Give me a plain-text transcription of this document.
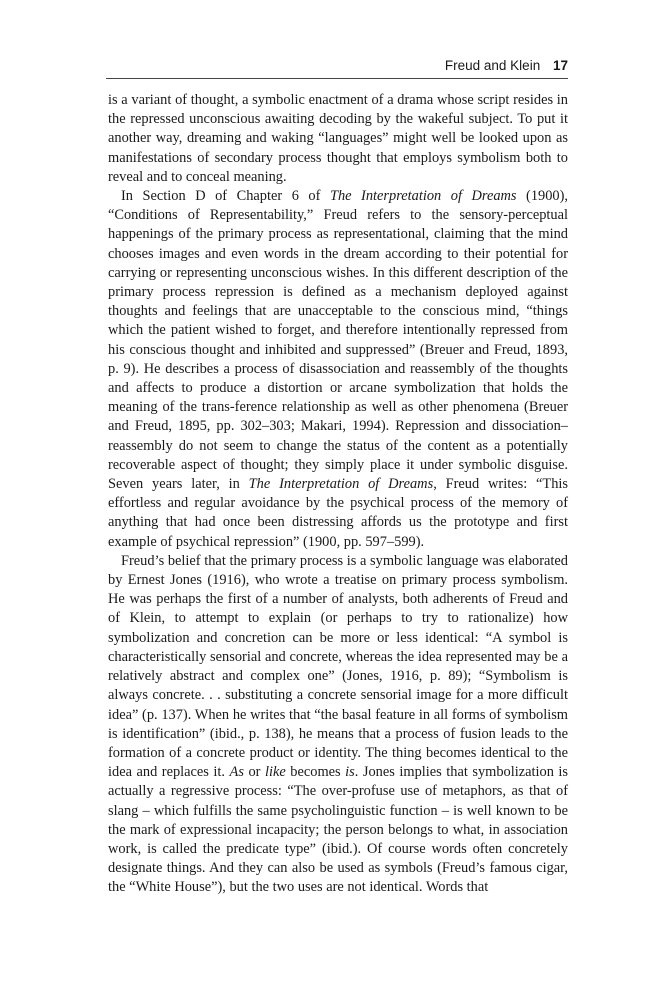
Freud and Klein 17

is a variant of thought, a symbolic enactment of a drama whose script resides in the repressed unconscious awaiting decoding by the wakeful subject. To put it another way, dreaming and waking “languages” might well be looked upon as manifestations of secondary process thought that employs symbolism both to reveal and to conceal meaning.

In Section D of Chapter 6 of The Interpretation of Dreams (1900), “Conditions of Representability,” Freud refers to the sensory-perceptual happenings of the primary process as representational, claiming that the mind chooses images and even words in the dream according to their potential for carrying or representing unconscious wishes. In this different description of the primary process repression is defined as a mechanism deployed against thoughts and feelings that are unacceptable to the conscious mind, “things which the patient wished to forget, and therefore intentionally repressed from his conscious thought and inhibited and suppressed” (Breuer and Freud, 1893, p. 9). He describes a process of disassociation and reassembly of the thoughts and affects to produce a distortion or arcane symbolization that holds the meaning of the trans-ference relationship as well as other phenomena (Breuer and Freud, 1895, pp. 302–303; Makari, 1994). Repression and dissociation–reassembly do not seem to change the status of the content as a potentially recoverable aspect of thought; they simply place it under symbolic disguise. Seven years later, in The Interpretation of Dreams, Freud writes: “This effortless and regular avoidance by the psychical process of the memory of anything that had once been distressing affords us the prototype and first example of psychical repression” (1900, pp. 597–599).

Freud’s belief that the primary process is a symbolic language was elaborated by Ernest Jones (1916), who wrote a treatise on primary process symbolism. He was perhaps the first of a number of analysts, both adherents of Freud and of Klein, to attempt to explain (or perhaps to try to rationalize) how symbolization and concretion can be more or less identical: “A symbol is characteristically sensorial and concrete, whereas the idea represented may be a relatively abstract and complex one” (Jones, 1916, p. 89); “Symbolism is always concrete. . . substituting a concrete sensorial image for a more difficult idea” (p. 137). When he writes that “the basal feature in all forms of symbolism is identification” (ibid., p. 138), he means that a process of fusion leads to the formation of a concrete product or identity. The thing becomes identical to the idea and replaces it. As or like becomes is. Jones implies that symbolization is actually a regressive process: “The over-profuse use of metaphors, as that of slang – which fulfills the same psycholinguistic function – is well known to be the mark of expressional incapacity; the person belongs to what, in association work, is called the predicate type” (ibid.). Of course words often concretely designate things. And they can also be used as symbols (Freud’s famous cigar, the “White House”), but the two uses are not identical. Words that
